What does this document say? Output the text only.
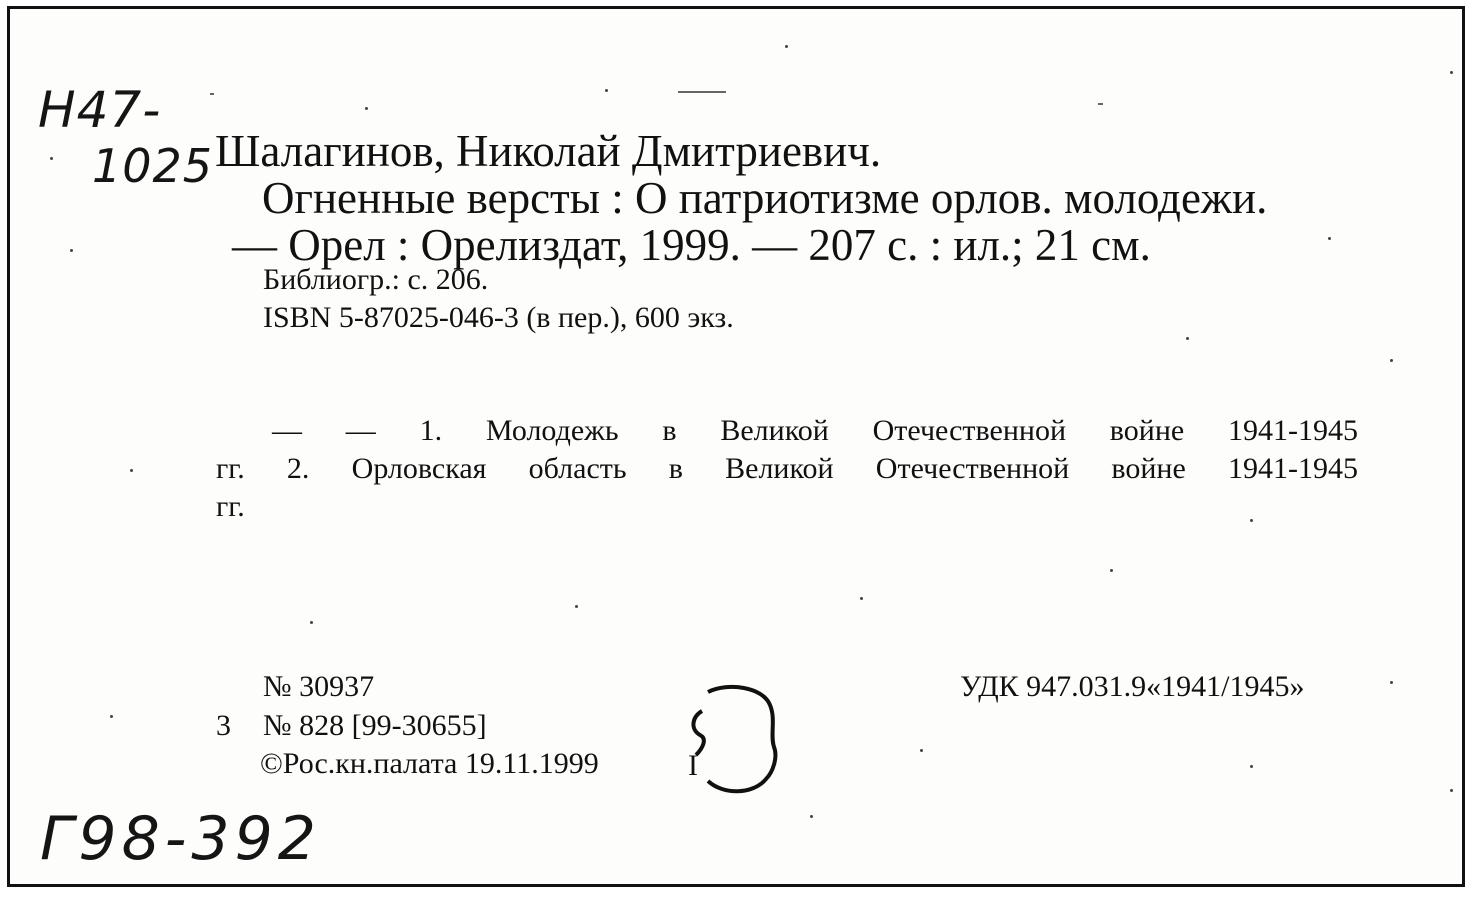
Н47-
1025 Шалагинов, Николай Дмитриевич.
Огненные версты : О патриотизме орлов. молодежи.
— Орел : Орелиздат, 1999. — 207 с. : ил.; 21 см.
Библиогр.: с. 206.
ISBN 5-87025-046-3 (в пер.), 600 экз.
— — 1. Молодежь в Великой Отечественной войне 1941-1945
гг. 2. Орловская область в Великой Отечественной войне 1941-1945
гг.
№ 30937
3 № 828 [99-30655]
©Рос.кн.палата 19.11.1999	I
УДК 947.031.9«1941/1945»
Г98-392
